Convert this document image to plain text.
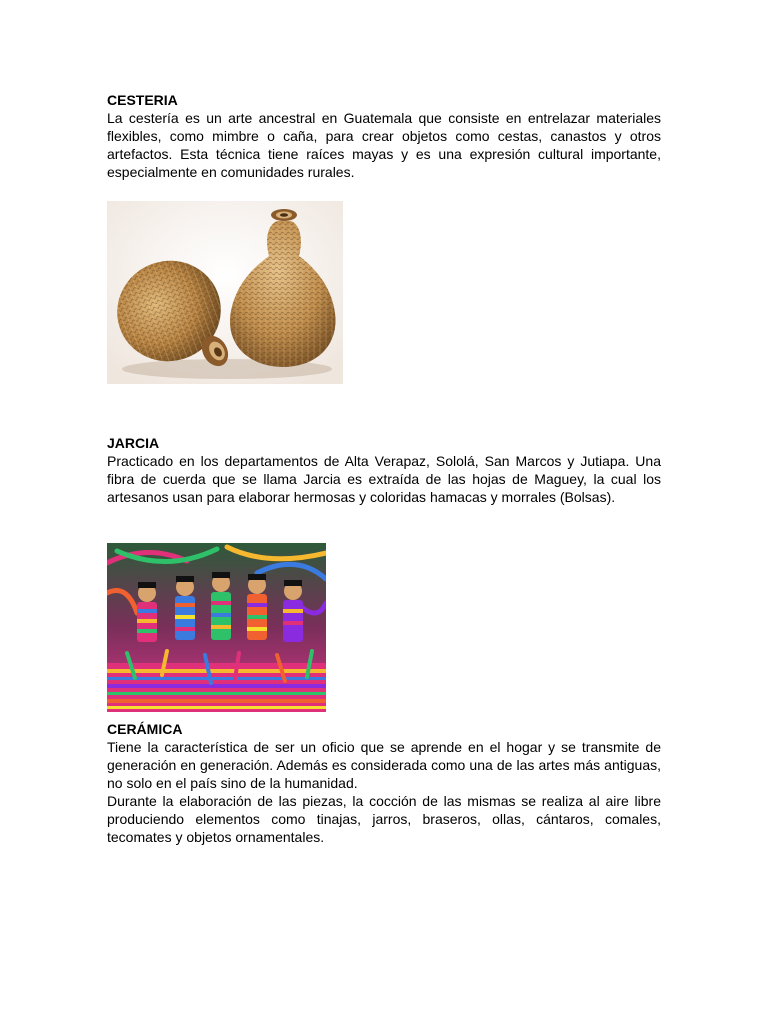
CESTERIA

La cestería es un arte ancestral en Guatemala que consiste en entrelazar materiales flexibles, como mimbre o caña, para crear objetos como cestas, canastos y otros artefactos. Esta técnica tiene raíces mayas y es una expresión cultural importante, especialmente en comunidades rurales.

JARCIA

Practicado en los departamentos de Alta Verapaz, Sololá, San Marcos y Jutiapa. Una fibra de cuerda que se llama Jarcia es extraída de las hojas de Maguey, la cual los artesanos usan para elaborar hermosas y coloridas hamacas y morrales (Bolsas).

CERÁMICA

Tiene la característica de ser un oficio que se aprende en el hogar y se transmite de generación en generación. Además es considerada como una de las artes más antiguas, no solo en el país sino de la humanidad.

Durante la elaboración de las piezas, la cocción de las mismas se realiza al aire libre produciendo elementos como tinajas, jarros, braseros, ollas, cántaros, comales, tecomates y objetos ornamentales.
